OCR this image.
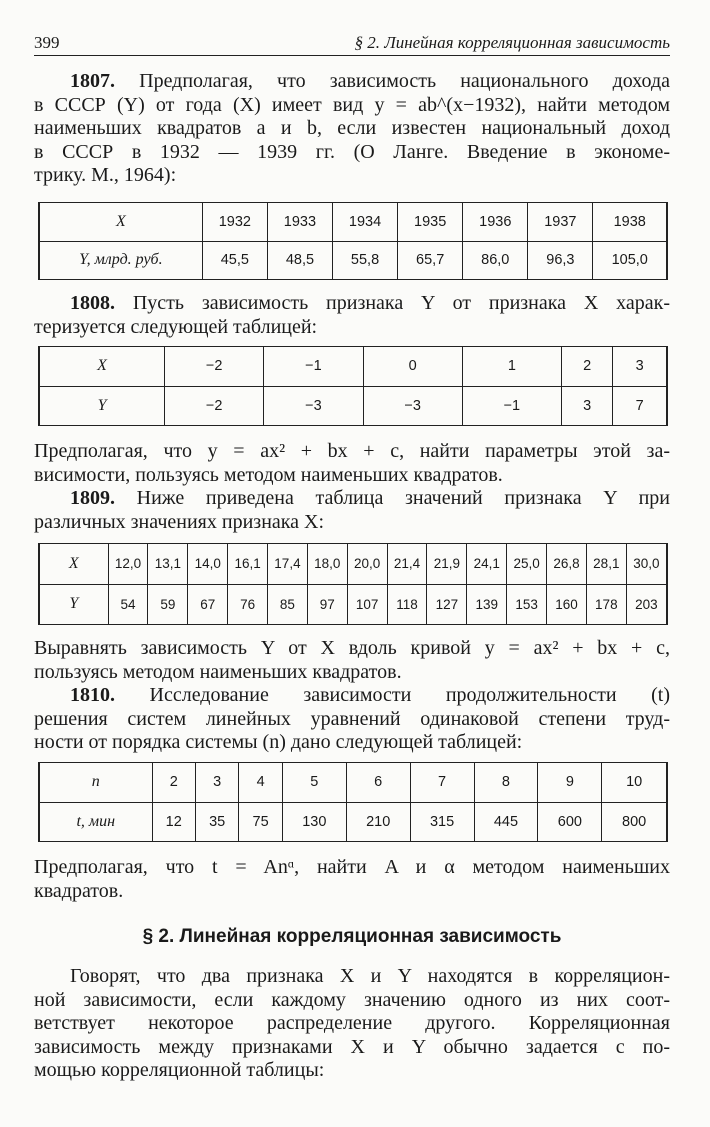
399	§ 2. Линейная корреляционная зависимость
1807. Предполагая, что зависимость национального дохода
в СССР (Y) от года (X) имеет вид y = ab^(x−1932), найти методом
наименьших квадратов a и b, если известен национальный доход
в СССР в 1932 — 1939 гг. (О Ланге. Введение в экономе-
трику. М., 1964):
X	1932	1933	1934	1935	1936	1937	1938
Y, млрд. руб.	45,5	48,5	55,8	65,7	86,0	96,3	105,0
1808. Пусть зависимость признака Y от признака X харак-
теризуется следующей таблицей:
X	−2	−1	0	1	2	3
Y	−2	−3	−3	−1	3	7
Предполагая, что y = ax² + bx + c, найти параметры этой за-
висимости, пользуясь методом наименьших квадратов.
1809. Ниже приведена таблица значений признака Y при
различных значениях признака X:
X	12,0	13,1	14,0	16,1	17,4	18,0	20,0	21,4	21,9	24,1	25,0	26,8	28,1	30,0
Y	54	59	67	76	85	97	107	118	127	139	153	160	178	203
Выравнять зависимость Y от X вдоль кривой y = ax² + bx + c,
пользуясь методом наименьших квадратов.
1810. Исследование зависимости продолжительности (t)
решения систем линейных уравнений одинаковой степени труд-
ности от порядка системы (n) дано следующей таблицей:
n	2	3	4	5	6	7	8	9	10
t, мин	12	35	75	130	210	315	445	600	800
Предполагая, что t = Anᵅ, найти A и α методом наименьших
квадратов.
§ 2. Линейная корреляционная зависимость
Говорят, что два признака X и Y находятся в корреляцион-
ной зависимости, если каждому значению одного из них соот-
ветствует некоторое распределение другого. Корреляционная
зависимость между признаками X и Y обычно задается с по-
мощью корреляционной таблицы:
